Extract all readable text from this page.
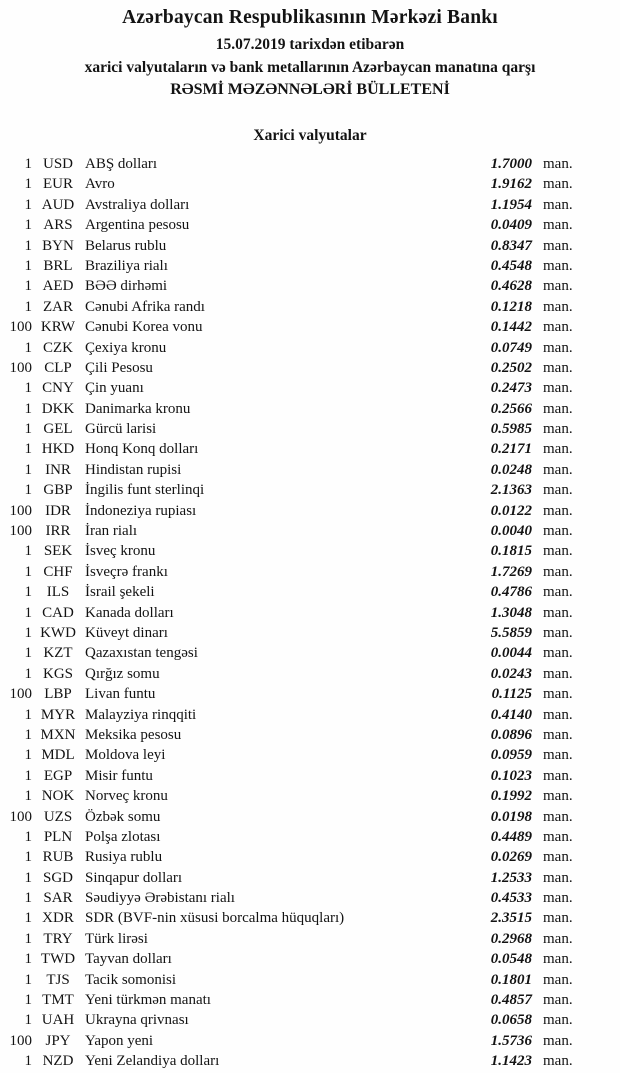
Azərbaycan Respublikasının Mərkəzi Bankı
15.07.2019 tarixdən etibarən
xarici valyutaların və bank metallarının Azərbaycan manatına qarşı
RƏSMİ MƏZƏNNƏLƏRİ BÜLLETENİ
Xarici valyutalar
1 USD ABŞ dolları	1.7000 man.
1 EUR Avro	1.9162 man.
1 AUD Avstraliya dolları	1.1954 man.
1 ARS Argentina pesosu	0.0409 man.
1 BYN Belarus rublu	0.8347 man.
1 BRL Braziliya rialı	0.4548 man.
1 AED BƏƏ dirhəmi	0.4628 man.
1 ZAR Cənubi Afrika randı	0.1218 man.
100 KRW Cənubi Korea vonu	0.1442 man.
1 CZK Çexiya kronu	0.0749 man.
100 CLP Çili Pesosu	0.2502 man.
1 CNY Çin yuanı	0.2473 man.
1 DKK Danimarka kronu	0.2566 man.
1 GEL Gürcü larisi	0.5985 man.
1 HKD Honq Konq dolları	0.2171 man.
1 INR Hindistan rupisi	0.0248 man.
1 GBP İngilis funt sterlinqi	2.1363 man.
100 IDR İndoneziya rupiası	0.0122 man.
100 IRR İran rialı	0.0040 man.
1 SEK İsveç kronu	0.1815 man.
1 CHF İsveçrə frankı	1.7269 man.
1 ILS	İsrail şekeli	0.4786 man.
1 CAD Kanada dolları	1.3048 man.
1 KWD Küveyt dinarı	5.5859 man.
1 KZT Qazaxıstan tengəsi	0.0044 man.
1 KGS Qırğız somu	0.0243 man.
100 LBP Livan funtu	0.1125 man.
1 MYR Malayziya rinqqiti	0.4140 man.
1 MXN Meksika pesosu	0.0896 man.
1 MDL Moldova leyi	0.0959 man.
1 EGP Misir funtu	0.1023 man.
1 NOK Norveç kronu	0.1992 man.
100 UZS Özbək somu	0.0198 man.
1 PLN Polşa zlotası	0.4489 man.
1 RUB Rusiya rublu	0.0269 man.
1 SGD Sinqapur dolları	1.2533 man.
1 SAR Səudiyyə Ərəbistanı rialı	0.4533 man.
1 XDR SDR (BVF-nin xüsusi borcalma hüquqları)	2.3515 man.
1 TRY Türk lirəsi	0.2968 man.
1 TWD Tayvan dolları	0.0548 man.
1 TJS	Tacik somonisi	0.1801 man.
1 TMT Yeni türkmən manatı	0.4857 man.
1 UAH Ukrayna qrivnası	0.0658 man.
100 JPY Yapon yeni	1.5736 man.
1 NZD Yeni Zelandiya dolları	1.1423 man.
